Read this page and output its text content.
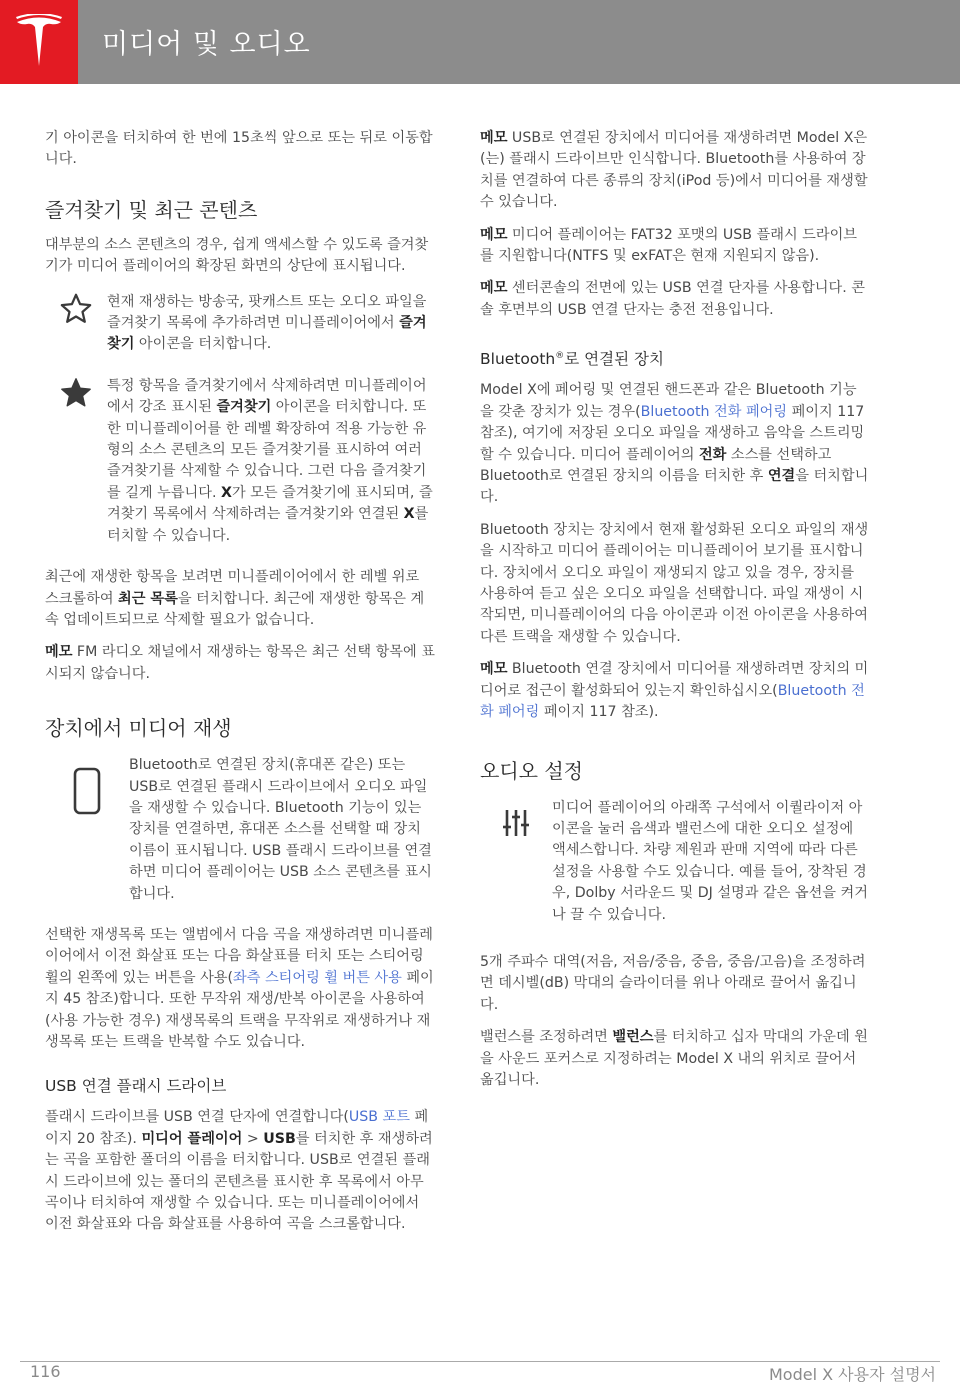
미디어 및 오디오

기 아이콘을 터치하여 한 번에 15초씩 앞으로 또는 뒤로 이동합니다.

즐겨찾기 및 최근 콘텐츠

대부분의 소스 콘텐츠의 경우, 쉽게 액세스할 수 있도록 즐겨찾기가 미디어 플레이어의 확장된 화면의 상단에 표시됩니다.

현재 재생하는 방송국, 팟캐스트 또는 오디오 파일을 즐겨찾기 목록에 추가하려면 미니플레이어에서 즐겨찾기 아이콘을 터치합니다.
특정 항목을 즐겨찾기에서 삭제하려면 미니플레이어에서 강조 표시된 즐겨찾기 아이콘을 터치합니다. 또한 미니플레이어를 한 레벨 확장하여 적용 가능한 유형의 소스 콘텐츠의 모든 즐겨찾기를 표시하여 여러 즐겨찾기를 삭제할 수 있습니다. 그런 다음 즐겨찾기를 길게 누릅니다. X가 모든 즐겨찾기에 표시되며, 즐겨찾기 목록에서 삭제하려는 즐겨찾기와 연결된 X를 터치할 수 있습니다.

최근에 재생한 항목을 보려면 미니플레이어에서 한 레벨 위로 스크롤하여 최근 목록을 터치합니다. 최근에 재생한 항목은 계속 업데이트되므로 삭제할 필요가 없습니다.

메모 FM 라디오 채널에서 재생하는 항목은 최근 선택 항목에 표시되지 않습니다.

장치에서 미디어 재생
Bluetooth로 연결된 장치(휴대폰 같은) 또는 USB로 연결된 플래시 드라이브에서 오디오 파일을 재생할 수 있습니다. Bluetooth 기능이 있는 장치를 연결하면, 휴대폰 소스를 선택할 때 장치 이름이 표시됩니다. USB 플래시 드라이브를 연결하면 미디어 플레이어는 USB 소스 콘텐츠를 표시합니다.

선택한 재생목록 또는 앨범에서 다음 곡을 재생하려면 미니플레이어에서 이전 화살표 또는 다음 화살표를 터치 또는 스티어링 휠의 왼쪽에 있는 버튼을 사용(좌측 스티어링 휠 버튼 사용 페이지 45 참조)합니다. 또한 무작위 재생/반복 아이콘을 사용하여(사용 가능한 경우) 재생목록의 트랙을 무작위로 재생하거나 재생목록 또는 트랙을 반복할 수도 있습니다.

USB 연결 플래시 드라이브

플래시 드라이브를 USB 연결 단자에 연결합니다(USB 포트 페이지 20 참조). 미디어 플레이어 > USB를 터치한 후 재생하려는 곡을 포함한 폴더의 이름을 터치합니다. USB로 연결된 플래시 드라이브에 있는 폴더의 콘텐츠를 표시한 후 목록에서 아무 곡이나 터치하여 재생할 수 있습니다. 또는 미니플레이어에서 이전 화살표와 다음 화살표를 사용하여 곡을 스크롤합니다.

메모 USB로 연결된 장치에서 미디어를 재생하려면 Model X은(는) 플래시 드라이브만 인식합니다. Bluetooth를 사용하여 장치를 연결하여 다른 종류의 장치(iPod 등)에서 미디어를 재생할 수 있습니다.

메모 미디어 플레이어는 FAT32 포맷의 USB 플래시 드라이브를 지원합니다(NTFS 및 exFAT은 현재 지원되지 않음).

메모 센터콘솔의 전면에 있는 USB 연결 단자를 사용합니다. 콘솔 후면부의 USB 연결 단자는 충전 전용입니다.

Bluetooth®로 연결된 장치

Model X에 페어링 및 연결된 핸드폰과 같은 Bluetooth 기능을 갖춘 장치가 있는 경우(Bluetooth 전화 페어링 페이지 117 참조), 여기에 저장된 오디오 파일을 재생하고 음악을 스트리밍할 수 있습니다. 미디어 플레이어의 전화 소스를 선택하고 Bluetooth로 연결된 장치의 이름을 터치한 후 연결을 터치합니다.

Bluetooth 장치는 장치에서 현재 활성화된 오디오 파일의 재생을 시작하고 미디어 플레이어는 미니플레이어 보기를 표시합니다. 장치에서 오디오 파일이 재생되지 않고 있을 경우, 장치를 사용하여 듣고 싶은 오디오 파일을 선택합니다. 파일 재생이 시작되면, 미니플레이어의 다음 아이콘과 이전 아이콘을 사용하여 다른 트랙을 재생할 수 있습니다.

메모 Bluetooth 연결 장치에서 미디어를 재생하려면 장치의 미디어로 접근이 활성화되어 있는지 확인하십시오(Bluetooth 전화 페어링 페이지 117 참조).

오디오 설정
미디어 플레이어의 아래쪽 구석에서 이퀄라이저 아이콘을 눌러 음색과 밸런스에 대한 오디오 설정에 액세스합니다. 차량 제원과 판매 지역에 따라 다른 설정을 사용할 수도 있습니다. 예를 들어, 장착된 경우, Dolby 서라운드 및 DJ 설명과 같은 옵션을 켜거나 끌 수 있습니다.

5개 주파수 대역(저음, 저음/중음, 중음, 중음/고음)을 조정하려면 데시벨(dB) 막대의 슬라이더를 위나 아래로 끌어서 옮깁니다.

밸런스를 조정하려면 밸런스를 터치하고 십자 막대의 가운데 원을 사운드 포커스로 지정하려는 Model X 내의 위치로 끌어서 옮깁니다.

116	Model X 사용자 설명서
